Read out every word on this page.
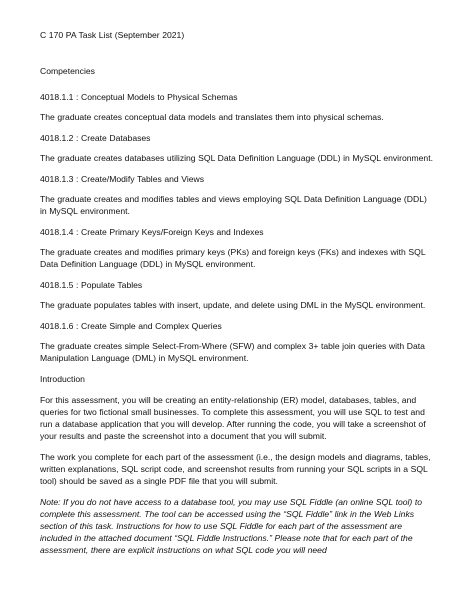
C 170 PA Task List (September 2021)

Competencies

4018.1.1 : Conceptual Models to Physical Schemas

The graduate creates conceptual data models and translates them into physical schemas.

4018.1.2 : Create Databases

The graduate creates databases utilizing SQL Data Definition Language (DDL) in MySQL environment.

4018.1.3 : Create/Modify Tables and Views

The graduate creates and modifies tables and views employing SQL Data Definition Language (DDL) in MySQL environment.

4018.1.4 : Create Primary Keys/Foreign Keys and Indexes

The graduate creates and modifies primary keys (PKs) and foreign keys (FKs) and indexes with SQL Data Definition Language (DDL) in MySQL environment.

4018.1.5 : Populate Tables

The graduate populates tables with insert, update, and delete using DML in the MySQL environment.

4018.1.6 : Create Simple and Complex Queries

The graduate creates simple Select-From-Where (SFW) and complex 3+ table join queries with Data Manipulation Language (DML) in MySQL environment.

Introduction

For this assessment, you will be creating an entity-relationship (ER) model, databases, tables, and queries for two fictional small businesses. To complete this assessment, you will use SQL to test and run a database application that you will develop. After running the code, you will take a screenshot of your results and paste the screenshot into a document that you will submit.

The work you complete for each part of the assessment (i.e., the design models and diagrams, tables, written explanations, SQL script code, and screenshot results from running your SQL scripts in a SQL tool) should be saved as a single PDF file that you will submit.

Note: If you do not have access to a database tool, you may use SQL Fiddle (an online SQL tool) to complete this assessment. The tool can be accessed using the “SQL Fiddle” link in the Web Links section of this task. Instructions for how to use SQL Fiddle for each part of the assessment are included in the attached document “SQL Fiddle Instructions.” Please note that for each part of the assessment, there are explicit instructions on what SQL code you will need
